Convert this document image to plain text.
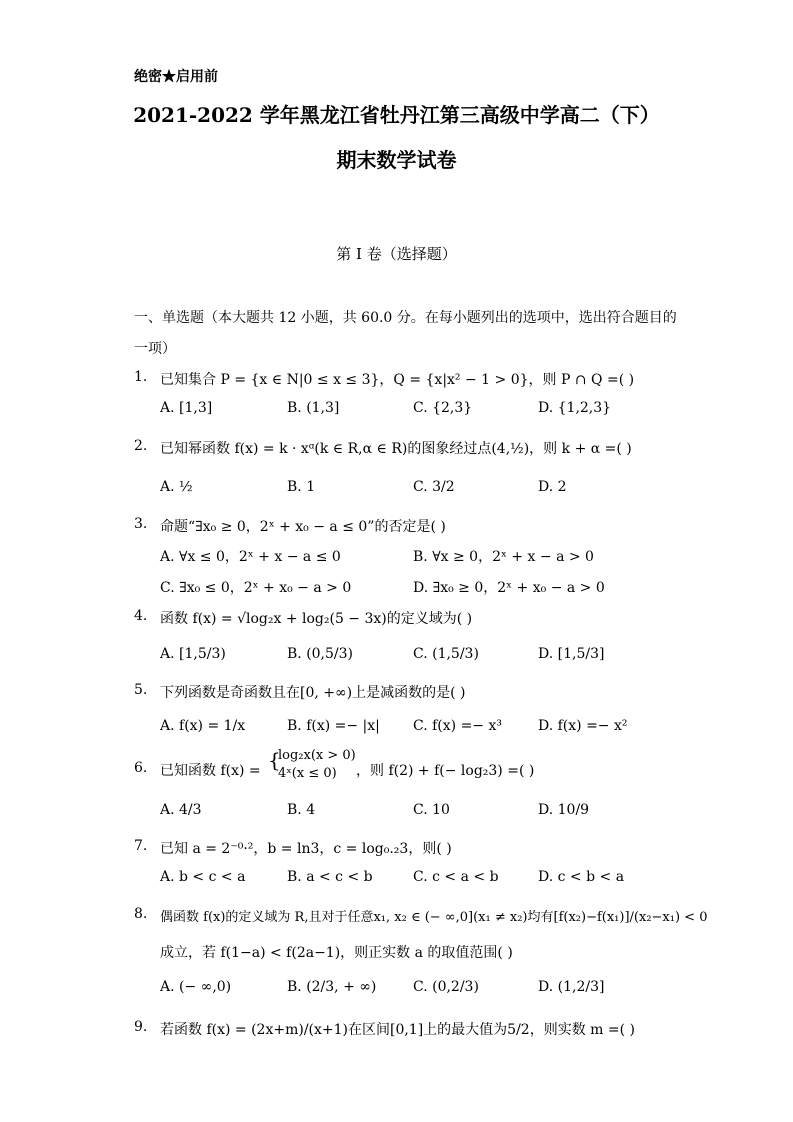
绝密★启用前
2021-2022 学年黑龙江省牡丹江第三高级中学高二（下）
期末数学试卷
第 I 卷（选择题）
一、单选题（本大题共 12 小题，共 60.0 分。在每小题列出的选项中，选出符合题目的
一项）
1. 已知集合 P = {x ∈ N|0 ≤ x ≤ 3}，Q = {x|x² − 1 > 0}，则 P ∩ Q =( )
A. [1,3]	B. (1,3]	C. {2,3}	D. {1,2,3}
2. 已知幂函数 f(x) = k · xᵅ(k ∈ R,α ∈ R)的图象经过点(4,½)，则 k + α =( )
A. ½	B. 1	C. 3/2	D. 2
3. 命题“∃x₀ ≥ 0，2ˣ + x₀ − a ≤ 0”的否定是( )
A. ∀x ≤ 0，2ˣ + x − a ≤ 0	B. ∀x ≥ 0，2ˣ + x − a > 0
C. ∃x₀ ≤ 0，2ˣ + x₀ − a > 0	D. ∃x₀ ≥ 0，2ˣ + x₀ − a > 0
4. 函数 f(x) = √log₂x + log₂(5 − 3x)的定义域为( )
A. [1,5/3)	B. (0,5/3)	C. (1,5/3)	D. [1,5/3]
5. 下列函数是奇函数且在[0, +∞)上是减函数的是( )
A. f(x) = 1/x	B. f(x) =− |x| C. f(x) =− x³	D. f(x) =− x²
6. 已知函数 f(x) = {
log₂x(x > 0)
4ˣ(x ≤ 0) ，则 f(2) + f(− log₂3) =( )
A. 4/3	B. 4	C. 10	D. 10/9
7. 已知 a = 2⁻⁰·²，b = ln3，c = log₀.₂3，则( )
A. b < c < a	B. a < c < b	C. c < a < b	D. c < b < a
8. 偶函数 f(x)的定义域为 R,且对于任意x₁, x₂ ∈ (− ∞,0](x₁ ≠ x₂)均有[f(x₂)−f(x₁)]/(x₂−x₁) < 0
成立，若 f(1−a) < f(2a−1)，则正实数 a 的取值范围( )
A. (− ∞,0)	B. (2/3, + ∞)	C. (0,2/3)	D. (1,2/3]
9. 若函数 f(x) = (2x+m)/(x+1)在区间[0,1]上的最大值为5/2，则实数 m =( )
